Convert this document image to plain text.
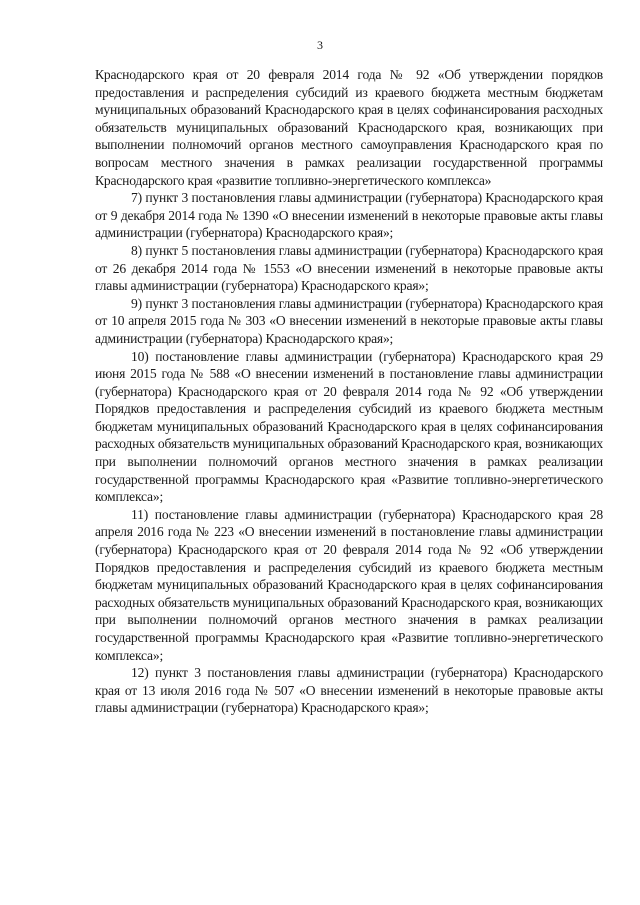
3

Краснодарского края от 20 февраля 2014 года № 92 «Об утверждении порядков предоставления и распределения субсидий из краевого бюджета местным бюджетам муниципальных образований Краснодарского края в целях софинансирования расходных обязательств муниципальных образований Краснодарского края, возникающих при выполнении полномочий органов местного самоуправления Краснодарского края по вопросам местного значения в рамках реализации государственной программы Краснодарского края «развитие топливно-энергетического комплекса»

7) пункт 3 постановления главы администрации (губернатора) Краснодарского края от 9 декабря 2014 года № 1390 «О внесении изменений в некоторые правовые акты главы администрации (губернатора) Краснодарского края»;

8) пункт 5 постановления главы администрации (губернатора) Краснодарского края от 26 декабря 2014 года № 1553 «О внесении изменений в некоторые правовые акты главы администрации (губернатора) Краснодарского края»;

9) пункт 3 постановления главы администрации (губернатора) Краснодарского края от 10 апреля 2015 года № 303 «О внесении изменений в некоторые правовые акты главы администрации (губернатора) Краснодарского края»;

10) постановление главы администрации (губернатора) Краснодарского края 29 июня 2015 года № 588 «О внесении изменений в постановление главы администрации (губернатора) Краснодарского края от 20 февраля 2014 года № 92 «Об утверждении Порядков предоставления и распределения субсидий из краевого бюджета местным бюджетам муниципальных образований Краснодарского края в целях софинансирования расходных обязательств муниципальных образований Краснодарского края, возникающих при выполнении полномочий органов местного значения в рамках реализации государственной программы Краснодарского края «Развитие топливно-энергетического комплекса»;

11) постановление главы администрации (губернатора) Краснодарского края 28 апреля 2016 года № 223 «О внесении изменений в постановление главы администрации (губернатора) Краснодарского края от 20 февраля 2014 года № 92 «Об утверждении Порядков предоставления и распределения субсидий из краевого бюджета местным бюджетам муниципальных образований Краснодарского края в целях софинансирования расходных обязательств муниципальных образований Краснодарского края, возникающих при выполнении полномочий органов местного значения в рамках реализации государственной программы Краснодарского края «Развитие топливно-энергетического комплекса»;

12) пункт 3 постановления главы администрации (губернатора) Краснодарского края от 13 июля 2016 года № 507 «О внесении изменений в некоторые правовые акты главы администрации (губернатора) Краснодарского края»;
